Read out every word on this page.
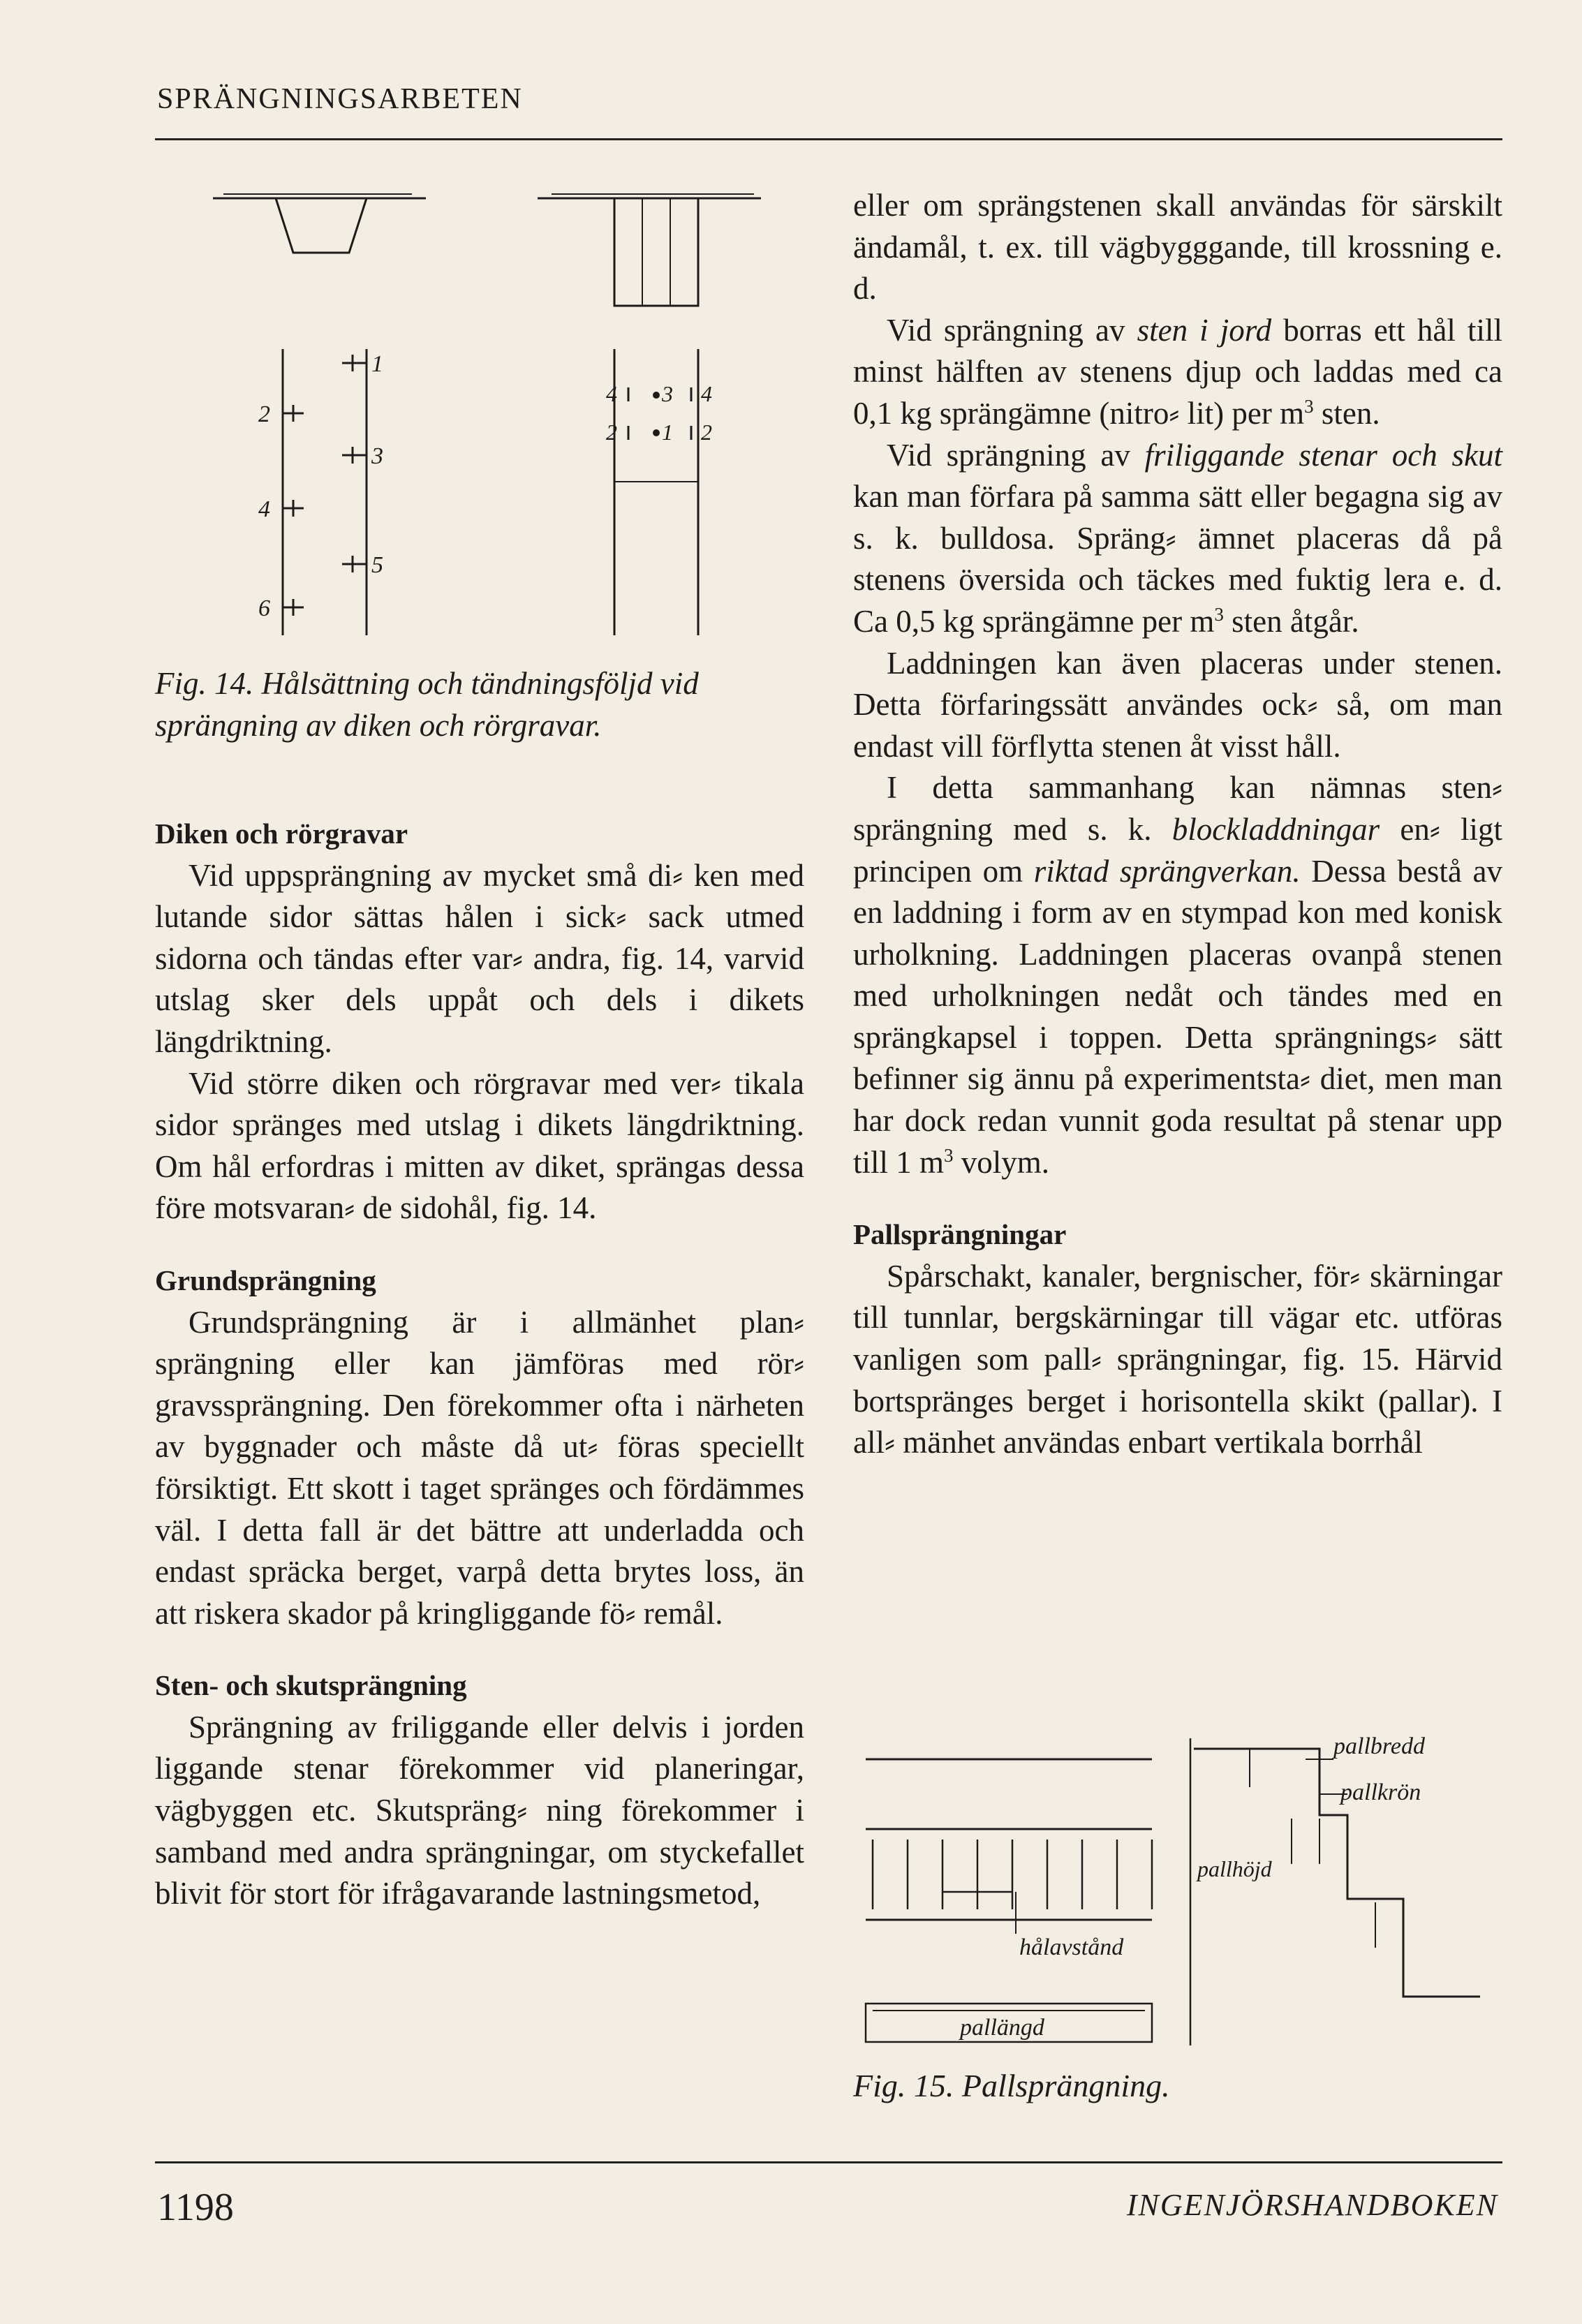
SPRÄNGNINGSARBETEN
1
2
3
4
5
6
4 3 4
2 1 2

Fig. 14. Hålsättning och tändningsföljd vid sprängning av diken och rörgravar.

Diken och rörgravar

Vid uppsprängning av mycket små di⸗ ken med lutande sidor sättas hålen i sick⸗ sack utmed sidorna och tändas efter var⸗ andra, fig. 14, varvid utslag sker dels uppåt och dels i dikets längdriktning.

Vid större diken och rörgravar med ver⸗ tikala sidor spränges med utslag i dikets längdriktning. Om hål erfordras i mitten av diket, sprängas dessa före motsvaran⸗ de sidohål, fig. 14.

Grundsprängning

Grundsprängning är i allmänhet plan⸗ sprängning eller kan jämföras med rör⸗ gravssprängning. Den förekommer ofta i närheten av byggnader och måste då ut⸗ föras speciellt försiktigt. Ett skott i taget spränges och fördämmes väl. I detta fall är det bättre att underladda och endast spräcka berget, varpå detta brytes loss, än att riskera skador på kringliggande fö⸗ remål.

Sten- och skutsprängning

Sprängning av friliggande eller delvis i jorden liggande stenar förekommer vid planeringar, vägbyggen etc. Skutspräng⸗ ning förekommer i samband med andra sprängningar, om styckefallet blivit för stort för ifrågavarande lastningsmetod,

eller om sprängstenen skall användas för särskilt ändamål, t. ex. till vägbygggande, till krossning e. d.

Vid sprängning av sten i jord borras ett hål till minst hälften av stenens djup och laddas med ca 0,1 kg sprängämne (nitro⸗ lit) per $m^3$ sten.

Vid sprängning av friliggande stenar och skut kan man förfara på samma sätt eller begagna sig av s. k. bulldosa. Spräng⸗ ämnet placeras då på stenens översida och täckes med fuktig lera e. d. Ca 0,5 kg sprängämne per $m^3$ sten åtgår.

Laddningen kan även placeras under stenen. Detta förfaringssätt användes ock⸗ så, om man endast vill förflytta stenen åt visst håll.

I detta sammanhang kan nämnas sten⸗ sprängning med s. k. blockladdningar en⸗ ligt principen om riktad sprängverkan. Dessa bestå av en laddning i form av en stympad kon med konisk urholkning. Laddningen placeras ovanpå stenen med urholkningen nedåt och tändes med en sprängkapsel i toppen. Detta sprängnings⸗ sätt befinner sig ännu på experimentsta⸗ diet, men man har dock redan vunnit goda resultat på stenar upp till 1 $m^3$ volym.

Pallsprängningar

Spårschakt, kanaler, bergnischer, för⸗ skärningar till tunnlar, bergskärningar till vägar etc. utföras vanligen som pall⸗ sprängningar, fig. 15. Härvid bortspränges berget i horisontella skikt (pallar). I all⸗ mänhet användas enbart vertikala borrhål

pallbredd
pallkrön
pallhöjd
hålavstånd
pallängd

Fig. 15. Pallsprängning.

1198	INGENJÖRSHANDBOKEN
